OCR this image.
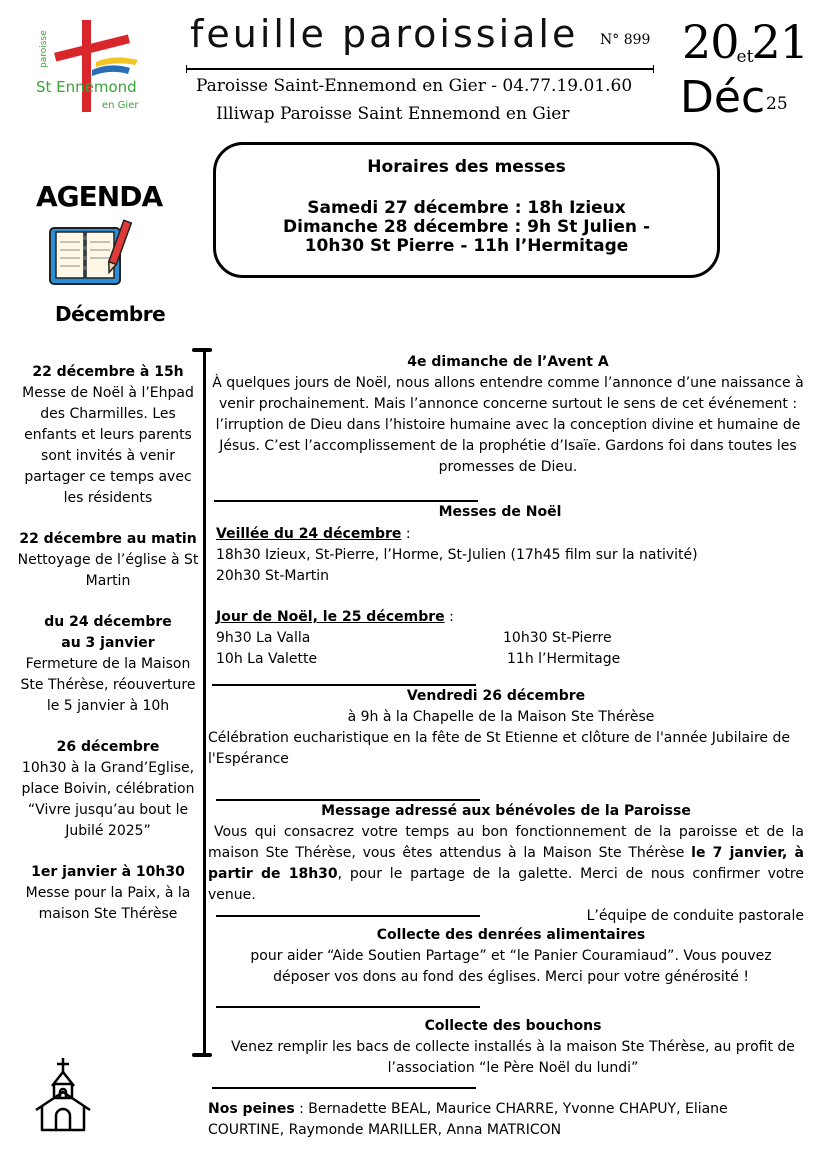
paroisse
St Ennemond
en Gier
feuille paroissiale N° 899
Paroisse Saint-Ennemond en Gier - 04.77.19.01.60
Illiwap Paroisse Saint Ennemond en Gier
20et21
Déc 25
Horaires des messes
Samedi 27 décembre : 18h Izieux
Dimanche 28 décembre : 9h St Julien -
10h30 St Pierre - 11h l’Hermitage
AGENDA
Décembre
22 décembre à 15h
Messe de Noël à l’Ehpad des Charmilles. Les enfants et leurs parents sont invités à venir partager ce temps avec les résidents
22 décembre au matin
Nettoyage de l’église à St Martin
du 24 décembre au 3 janvier
Fermeture de la Maison Ste Thérèse, réouverture le 5 janvier à 10h
26 décembre
10h30 à la Grand’Eglise, place Boivin, célébration “Vivre jusqu’au bout le Jubilé 2025”
1er janvier à 10h30
Messe pour la Paix, à la maison Ste Thérèse
4e dimanche de l’Avent A
À quelques jours de Noël, nous allons entendre comme l’annonce d’une naissance à venir prochainement. Mais l’annonce concerne surtout le sens de cet événement : l’irruption de Dieu dans l’histoire humaine avec la conception divine et humaine de Jésus. C’est l’accomplissement de la prophétie d’Isaïe. Gardons foi dans toutes les promesses de Dieu.
Messes de Noël
Veillée du 24 décembre :
18h30 Izieux, St-Pierre, l’Horme, St-Julien (17h45 film sur la nativité)
20h30 St-Martin
Jour de Noël, le 25 décembre :
9h30 La Valla
10h La Valette
10h30 St-Pierre
11h l’Hermitage
Vendredi 26 décembre
à 9h à la Chapelle de la Maison Ste Thérèse
Célébration eucharistique en la fête de St Etienne et clôture de l'année Jubilaire de l'Espérance
Message adressé aux bénévoles de la Paroisse
Vous qui consacrez votre temps au bon fonctionnement de la paroisse et de la maison Ste Thérèse, vous êtes attendus à la Maison Ste Thérèse le 7 janvier, à partir de 18h30, pour le partage de la galette. Merci de nous confirmer votre venue.
L’équipe de conduite pastorale
Collecte des denrées alimentaires
pour aider “Aide Soutien Partage” et “le Panier Couramiaud”. Vous pouvez déposer vos dons au fond des églises. Merci pour votre générosité !
Collecte des bouchons
Venez remplir les bacs de collecte installés à la maison Ste Thérèse, au profit de l’association “le Père Noël du lundi”
Nos peines : Bernadette BEAL, Maurice CHARRE, Yvonne CHAPUY, Eliane COURTINE, Raymonde MARILLER, Anna MATRICON
